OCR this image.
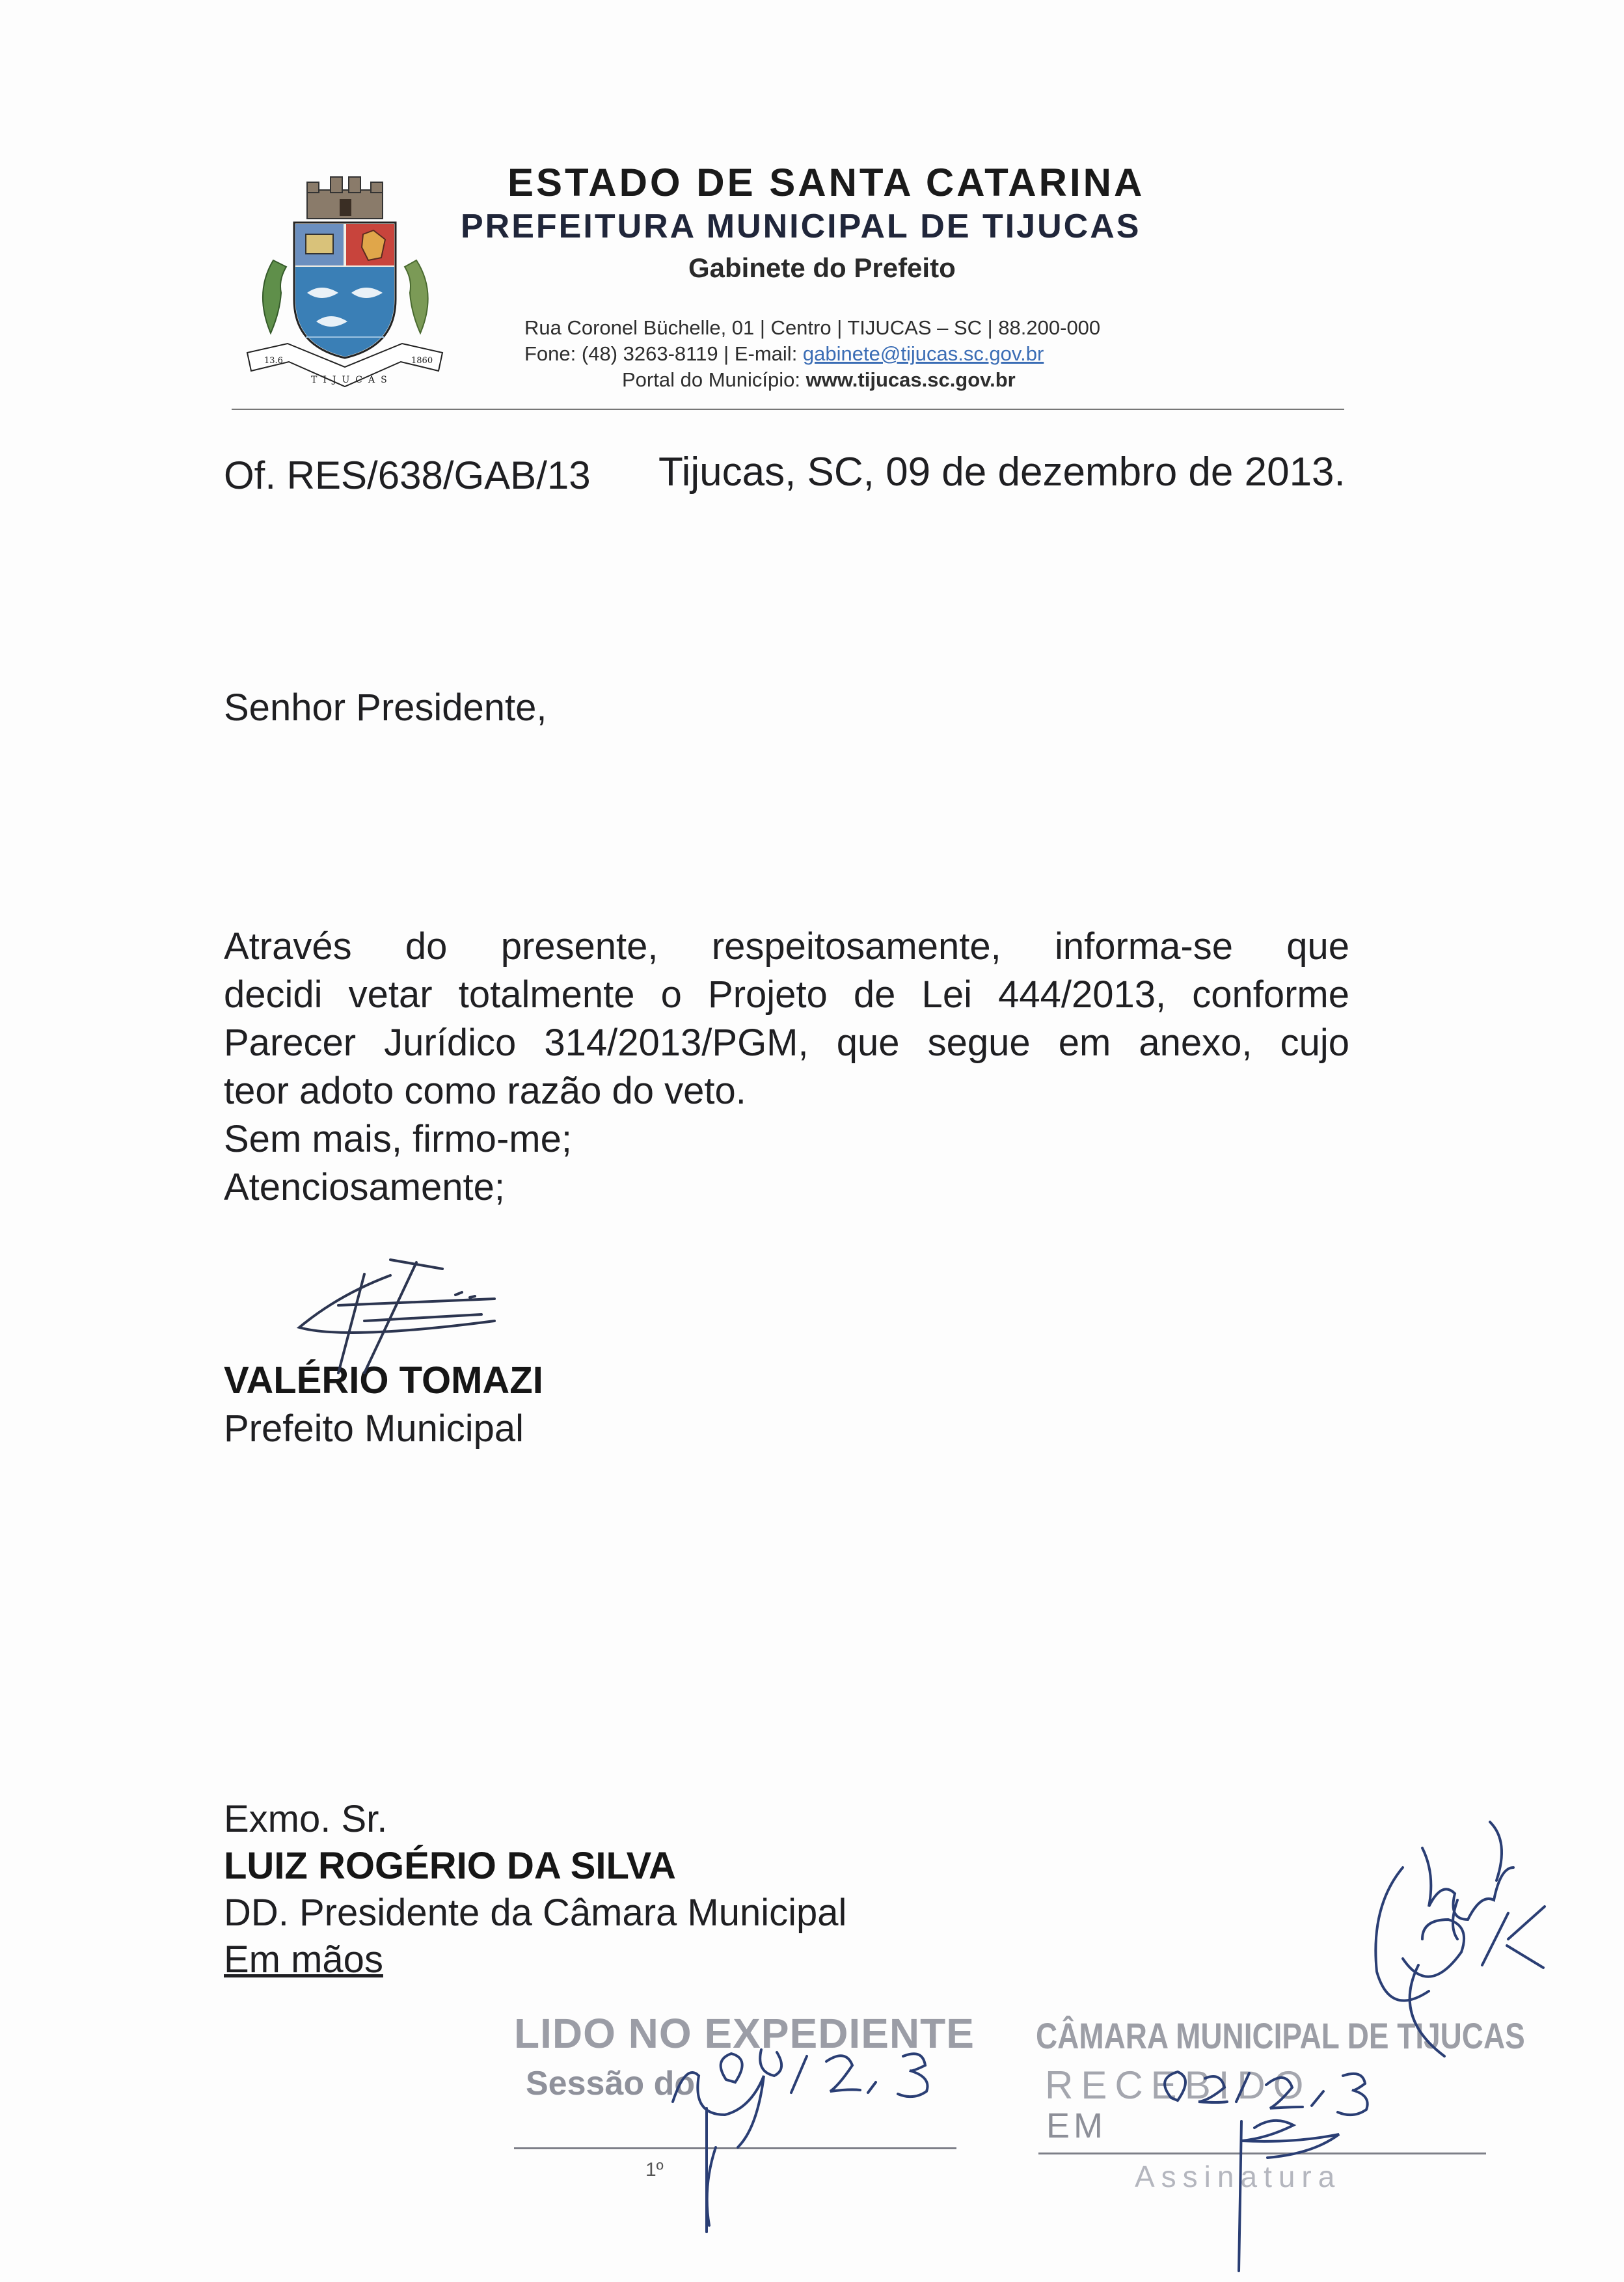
13.6	1860
TIJUCAS
ESTADO DE SANTA CATARINA
PREFEITURA MUNICIPAL DE TIJUCAS
Gabinete do Prefeito
Rua Coronel Büchelle, 01 | Centro | TIJUCAS – SC | 88.200-000
Fone: (48) 3263-8119 | E-mail: gabinete@tijucas.sc.gov.br
Portal do Município: www.tijucas.sc.gov.br
Of. RES/638/GAB/13 Tijucas, SC, 09 de dezembro de 2013.
Senhor Presidente,
Através do presente, respeitosamente, informa-se que
decidi vetar totalmente o Projeto de Lei 444/2013, conforme
Parecer Jurídico 314/2013/PGM, que segue em anexo, cujo
teor adoto como razão do veto.
Sem mais, firmo-me;
Atenciosamente;
VALÉRIO TOMAZI
Prefeito Municipal
Exmo. Sr.
LUIZ ROGÉRIO DA SILVA
DD. Presidente da Câmara Municipal
Em mãos
LIDO NO EXPEDIENTE
Sessão do
1º
CÂMARA MUNICIPAL DE TIJUCAS
RECEBIDO
EM
Assinatura
